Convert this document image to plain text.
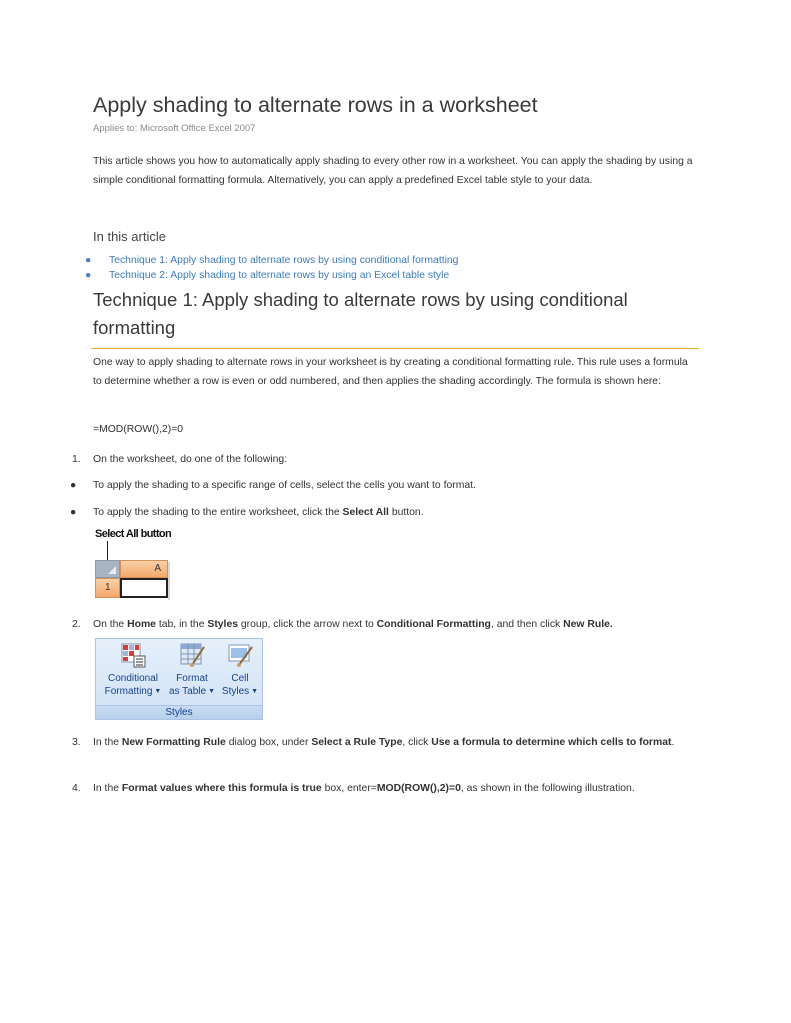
Apply shading to alternate rows in a worksheet
Applies to: Microsoft Office Excel 2007
This article shows you how to automatically apply shading to every other row in a worksheet. You can apply the shading by using a simple conditional formatting formula. Alternatively, you can apply a predefined Excel table style to your data.
In this article
● Technique 1: Apply shading to alternate rows by using conditional formatting
● Technique 2: Apply shading to alternate rows by using an Excel table style
Technique 1: Apply shading to alternate rows by using conditional formatting
One way to apply shading to alternate rows in your worksheet is by creating a conditional formatting rule. This rule uses a formula to determine whether a row is even or odd numbered, and then applies the shading accordingly. The formula is shown here:
=MOD(ROW(),2)=0
1. On the worksheet, do one of the following:
● To apply the shading to a specific range of cells, select the cells you want to format.
● To apply the shading to the entire worksheet, click the Select All button.
Select All button
A
1
2. On the Home tab, in the Styles group, click the arrow next to Conditional Formatting, and then click New Rule.
Conditional
Formatting ▼
Format
as Table ▼
Cell
Styles ▼
Styles
3. In the New Formatting Rule dialog box, under Select a Rule Type, click Use a formula to determine which cells to format.
4. In the Format values where this formula is true box, enter=MOD(ROW(),2)=0, as shown in the following illustration.
